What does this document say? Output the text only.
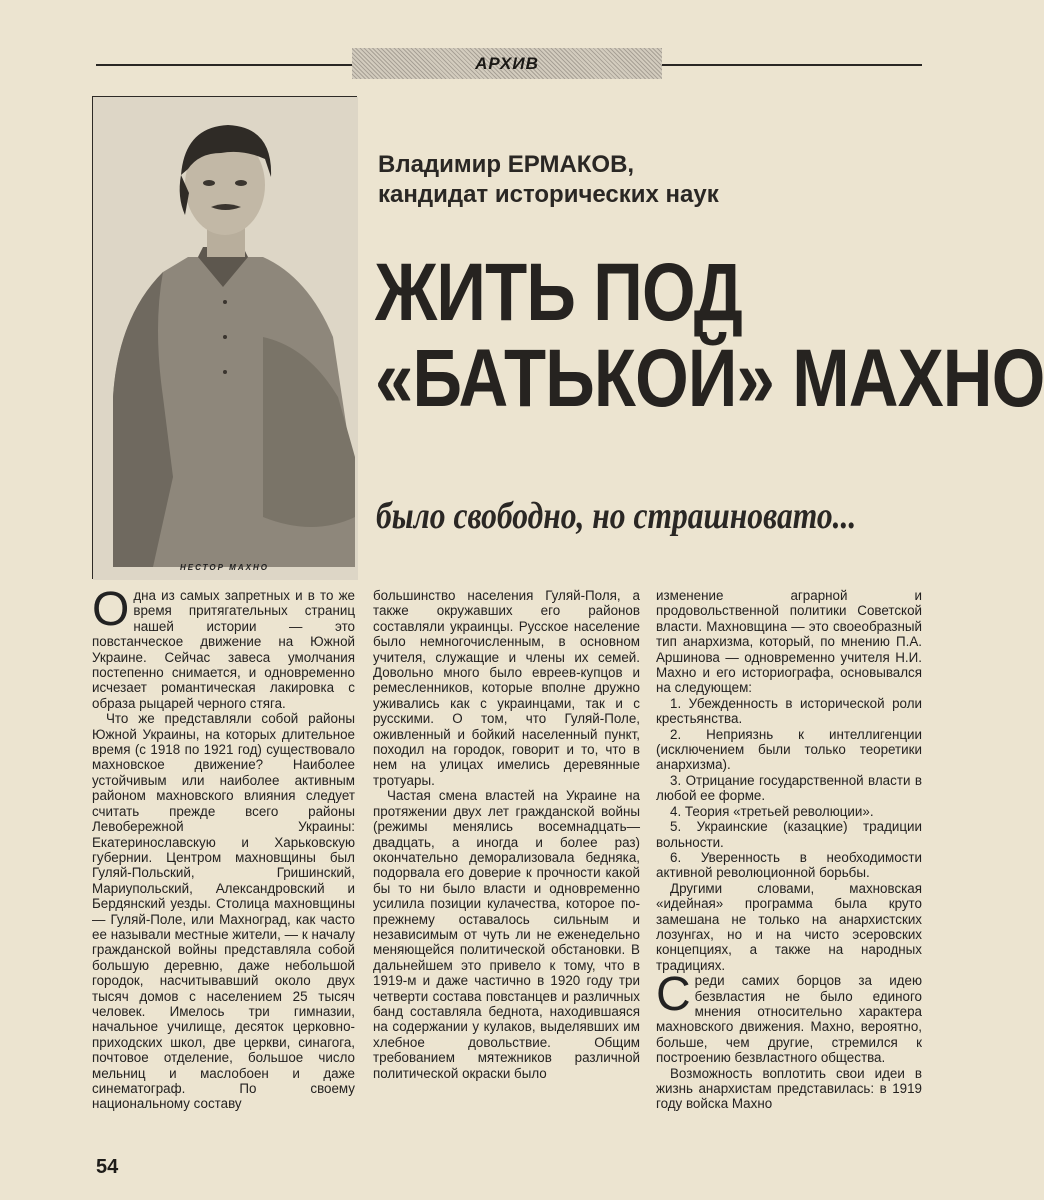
АРХИВ
НЕСТОР МАХНО
Владимир ЕРМАКОВ,
кандидат исторических наук
ЖИТЬ ПОД
«БАТЬКОЙ» МАХНО
было свободно, но страшновато...

Одна из самых запретных и в то же время притягательных страниц нашей истории — это повстанческое движение на Южной Украине. Сейчас завеса умолчания постепенно снимается, и одновременно исчезает романтическая лакировка с образа рыцарей черного стяга.

Что же представляли собой районы Южной Украины, на которых длительное время (с 1918 по 1921 год) существовало махновское движение? Наиболее устойчивым или наиболее активным районом махновского влияния следует считать прежде всего районы Левобережной Украины: Екатеринославскую и Харьковскую губернии. Центром махновщины был Гуляй-Польский, Гришинский, Мариупольский, Александровский и Бердянский уезды. Столица махновщины — Гуляй-Поле, или Махноград, как часто ее называли местные жители, — к началу гражданской войны представляла собой большую деревню, даже небольшой городок, насчитывавший около двух тысяч домов с населением 25 тысяч человек. Имелось три гимназии, начальное училище, десяток церковно-приходских школ, две церкви, синагога, почтовое отделение, большое число мельниц и маслобоен и даже синематограф. По своему национальному составу

большинство населения Гуляй-Поля, а также окружавших его районов составляли украинцы. Русское население было немногочисленным, в основном учителя, служащие и члены их семей. Довольно много было евреев-купцов и ремесленников, которые вполне дружно уживались как с украинцами, так и с русскими. О том, что Гуляй-Поле, оживленный и бойкий населенный пункт, походил на городок, говорит и то, что в нем на улицах имелись деревянные тротуары.

Частая смена властей на Украине на протяжении двух лет гражданской войны (режимы менялись восемнадцать—двадцать, а иногда и более раз) окончательно деморализовала бедняка, подорвала его доверие к прочности какой бы то ни было власти и одновременно усилила позиции кулачества, которое по-прежнему оставалось сильным и независимым от чуть ли не еженедельно меняющейся политической обстановки. В дальнейшем это привело к тому, что в 1919-м и даже частично в 1920 году три четверти состава повстанцев и различных банд составляла беднота, находившаяся на содержании у кулаков, выделявших им хлебное довольствие. Общим требованием мятежников различной политической окраски было

изменение аграрной и продовольственной политики Советской власти. Махновщина — это своеобразный тип анархизма, который, по мнению П.А. Аршинова — одновременно учителя Н.И. Махно и его историографа, основывался на следующем:

1. Убежденность в исторической роли крестьянства.

2. Неприязнь к интеллигенции (исключением были только теоретики анархизма).

3. Отрицание государственной власти в любой ее форме.

4. Теория «третьей революции».

5. Украинские (казацкие) традиции вольности.

6. Уверенность в необходимости активной революционной борьбы.

Другими словами, махновская «идейная» программа была круто замешана не только на анархистских лозунгах, но и на чисто эсеровских концепциях, а также на народных традициях.

Среди самих борцов за идею безвластия не было единого мнения относительно характера махновского движения. Махно, вероятно, больше, чем другие, стремился к построению безвластного общества.

Возможность воплотить свои идеи в жизнь анархистам представилась: в 1919 году войска Махно

54
